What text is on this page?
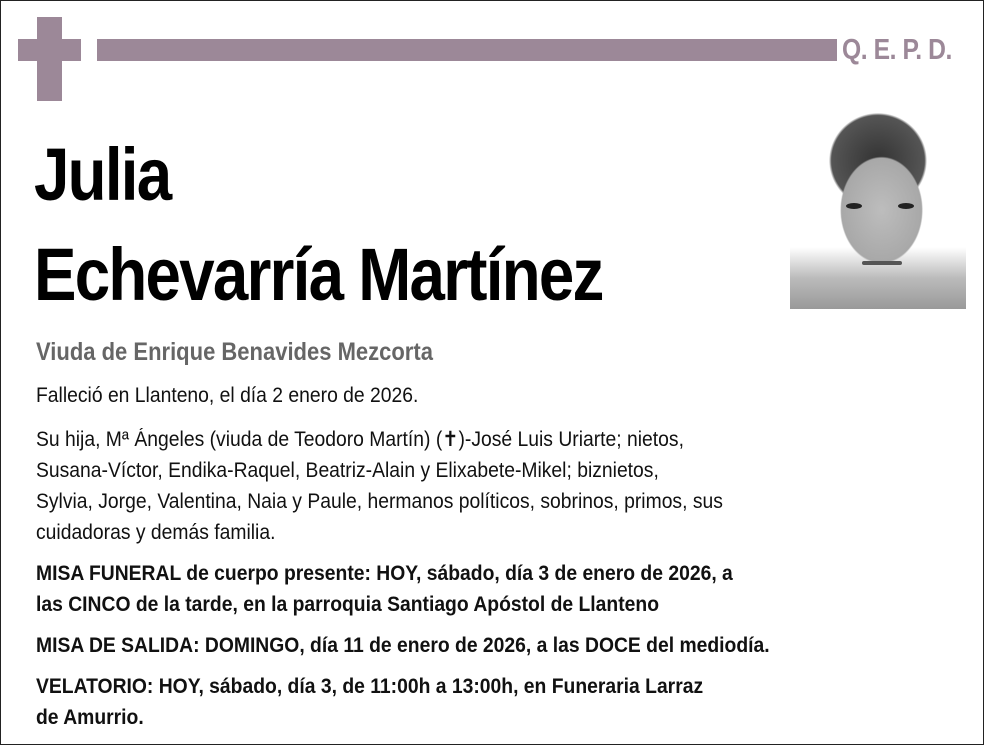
Q. E. P. D.
Julia
Echevarría Martínez
Viuda de Enrique Benavides Mezcorta
Falleció en Llanteno, el día 2 enero de 2026.
Su hija, Mª Ángeles (viuda de Teodoro Martín) (✝)-José Luis Uriarte; nietos,
Susana-Víctor, Endika-Raquel, Beatriz-Alain y Elixabete-Mikel; biznietos,
Sylvia, Jorge, Valentina, Naia y Paule, hermanos políticos, sobrinos, primos, sus
cuidadoras y demás familia.
MISA FUNERAL de cuerpo presente: HOY, sábado, día 3 de enero de 2026, a
las CINCO de la tarde, en la parroquia Santiago Apóstol de Llanteno
MISA DE SALIDA: DOMINGO, día 11 de enero de 2026, a las DOCE del mediodía.
VELATORIO: HOY, sábado, día 3, de 11:00h a 13:00h, en Funeraria Larraz
de Amurrio.
